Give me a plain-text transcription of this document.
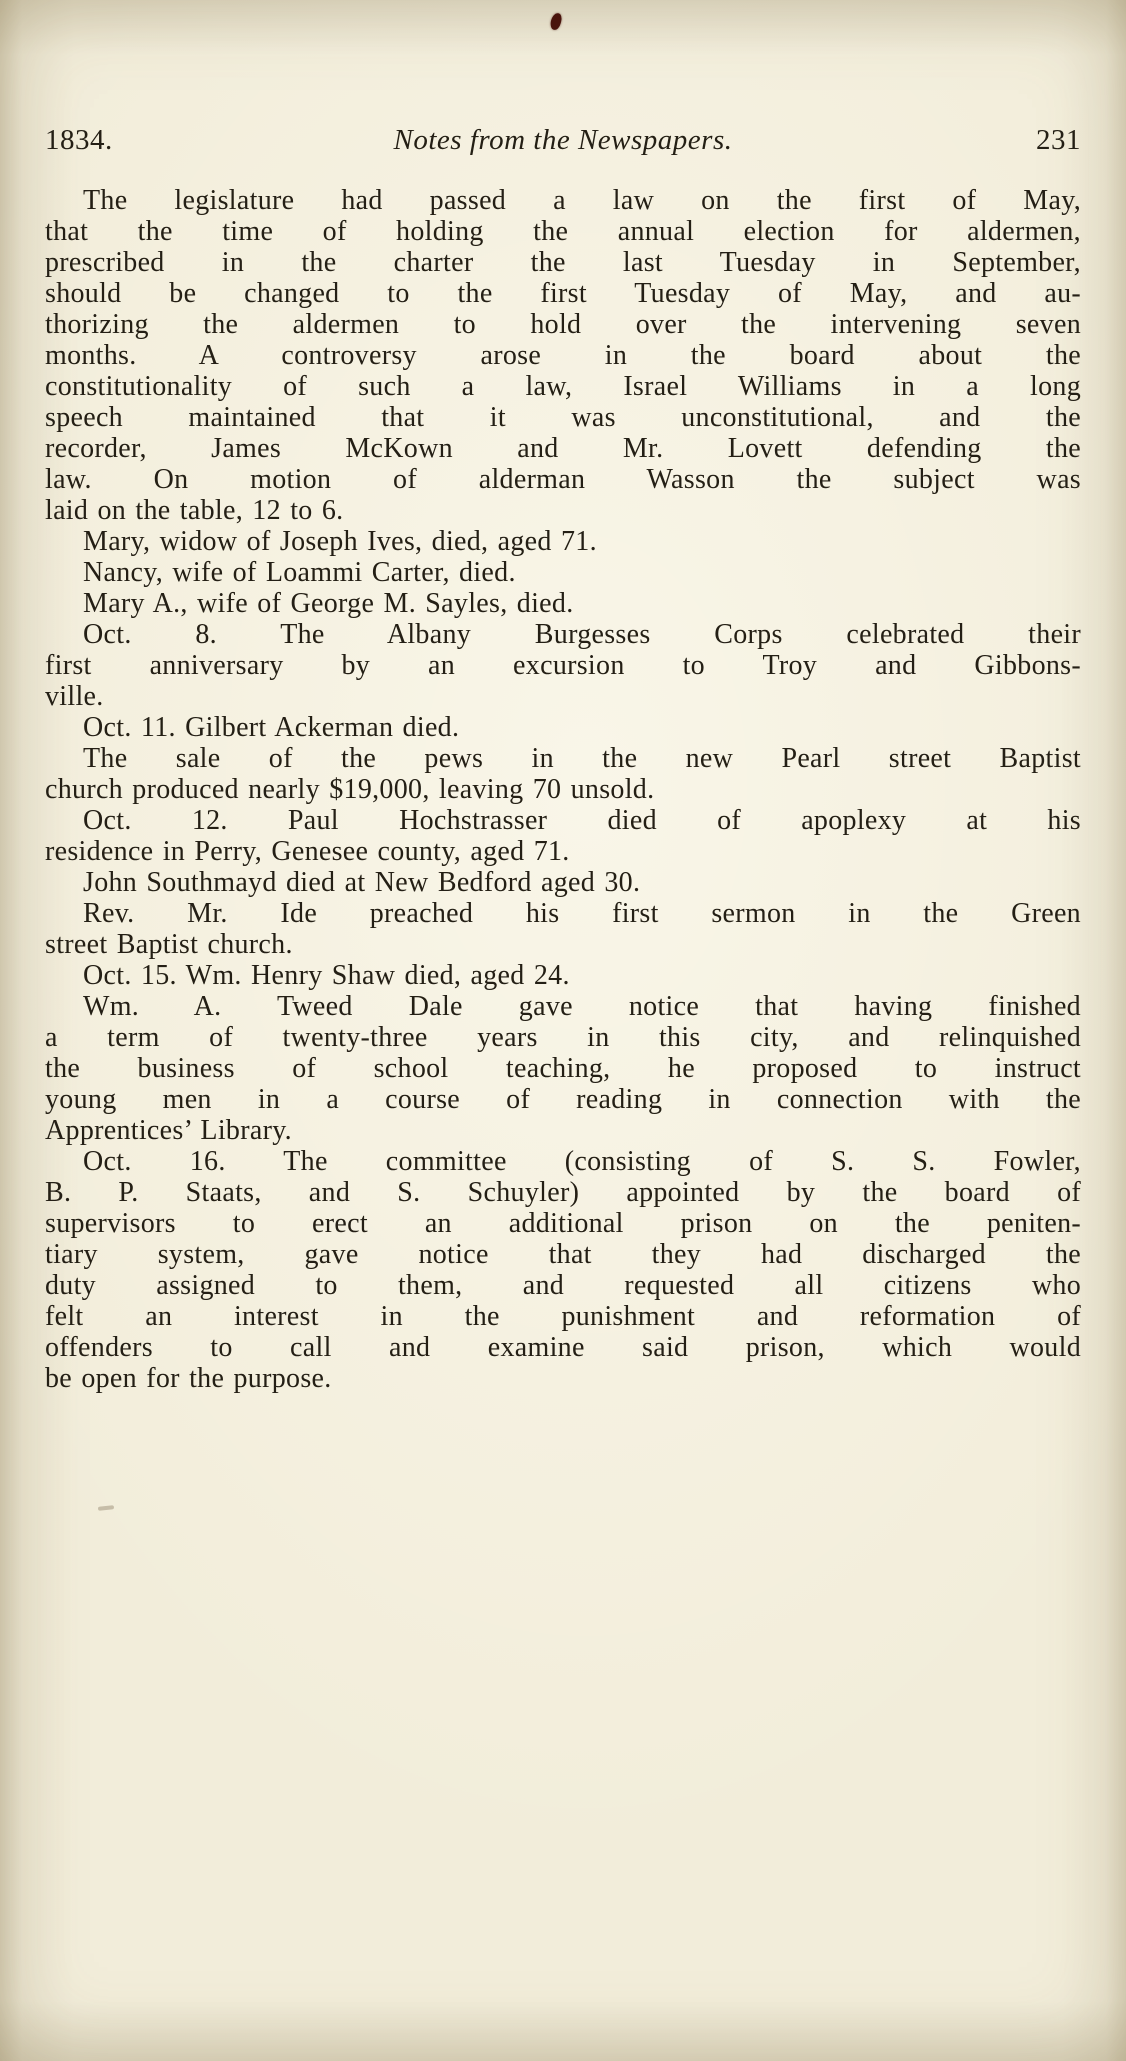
1834.	Notes from the Newspapers.	231
The legislature had passed a law on the first of May,
that the time of holding the annual election for aldermen,
prescribed in the charter the last Tuesday in September,
should be changed to the first Tuesday of May, and au-
thorizing the aldermen to hold over the intervening seven
months. A controversy arose in the board about the
constitutionality of such a law, Israel Williams in a long
speech maintained that it was unconstitutional, and the
recorder, James McKown and Mr. Lovett defending the
law. On motion of alderman Wasson the subject was
laid on the table, 12 to 6.
Mary, widow of Joseph Ives, died, aged 71.
Nancy, wife of Loammi Carter, died.
Mary A., wife of George M. Sayles, died.
Oct. 8. The Albany Burgesses Corps celebrated their
first anniversary by an excursion to Troy and Gibbons-
ville.
Oct. 11. Gilbert Ackerman died.
The sale of the pews in the new Pearl street Baptist
church produced nearly $19,000, leaving 70 unsold.
Oct. 12. Paul Hochstrasser died of apoplexy at his
residence in Perry, Genesee county, aged 71.
John Southmayd died at New Bedford aged 30.
Rev. Mr. Ide preached his first sermon in the Green
street Baptist church.
Oct. 15. Wm. Henry Shaw died, aged 24.
Wm. A. Tweed Dale gave notice that having finished
a term of twenty-three years in this city, and relinquished
the business of school teaching, he proposed to instruct
young men in a course of reading in connection with the
Apprentices’ Library.
Oct. 16. The committee (consisting of S. S. Fowler,
B. P. Staats, and S. Schuyler) appointed by the board of
supervisors to erect an additional prison on the peniten-
tiary system, gave notice that they had discharged the
duty assigned to them, and requested all citizens who
felt an interest in the punishment and reformation of
offenders to call and examine said prison, which would
be open for the purpose.
